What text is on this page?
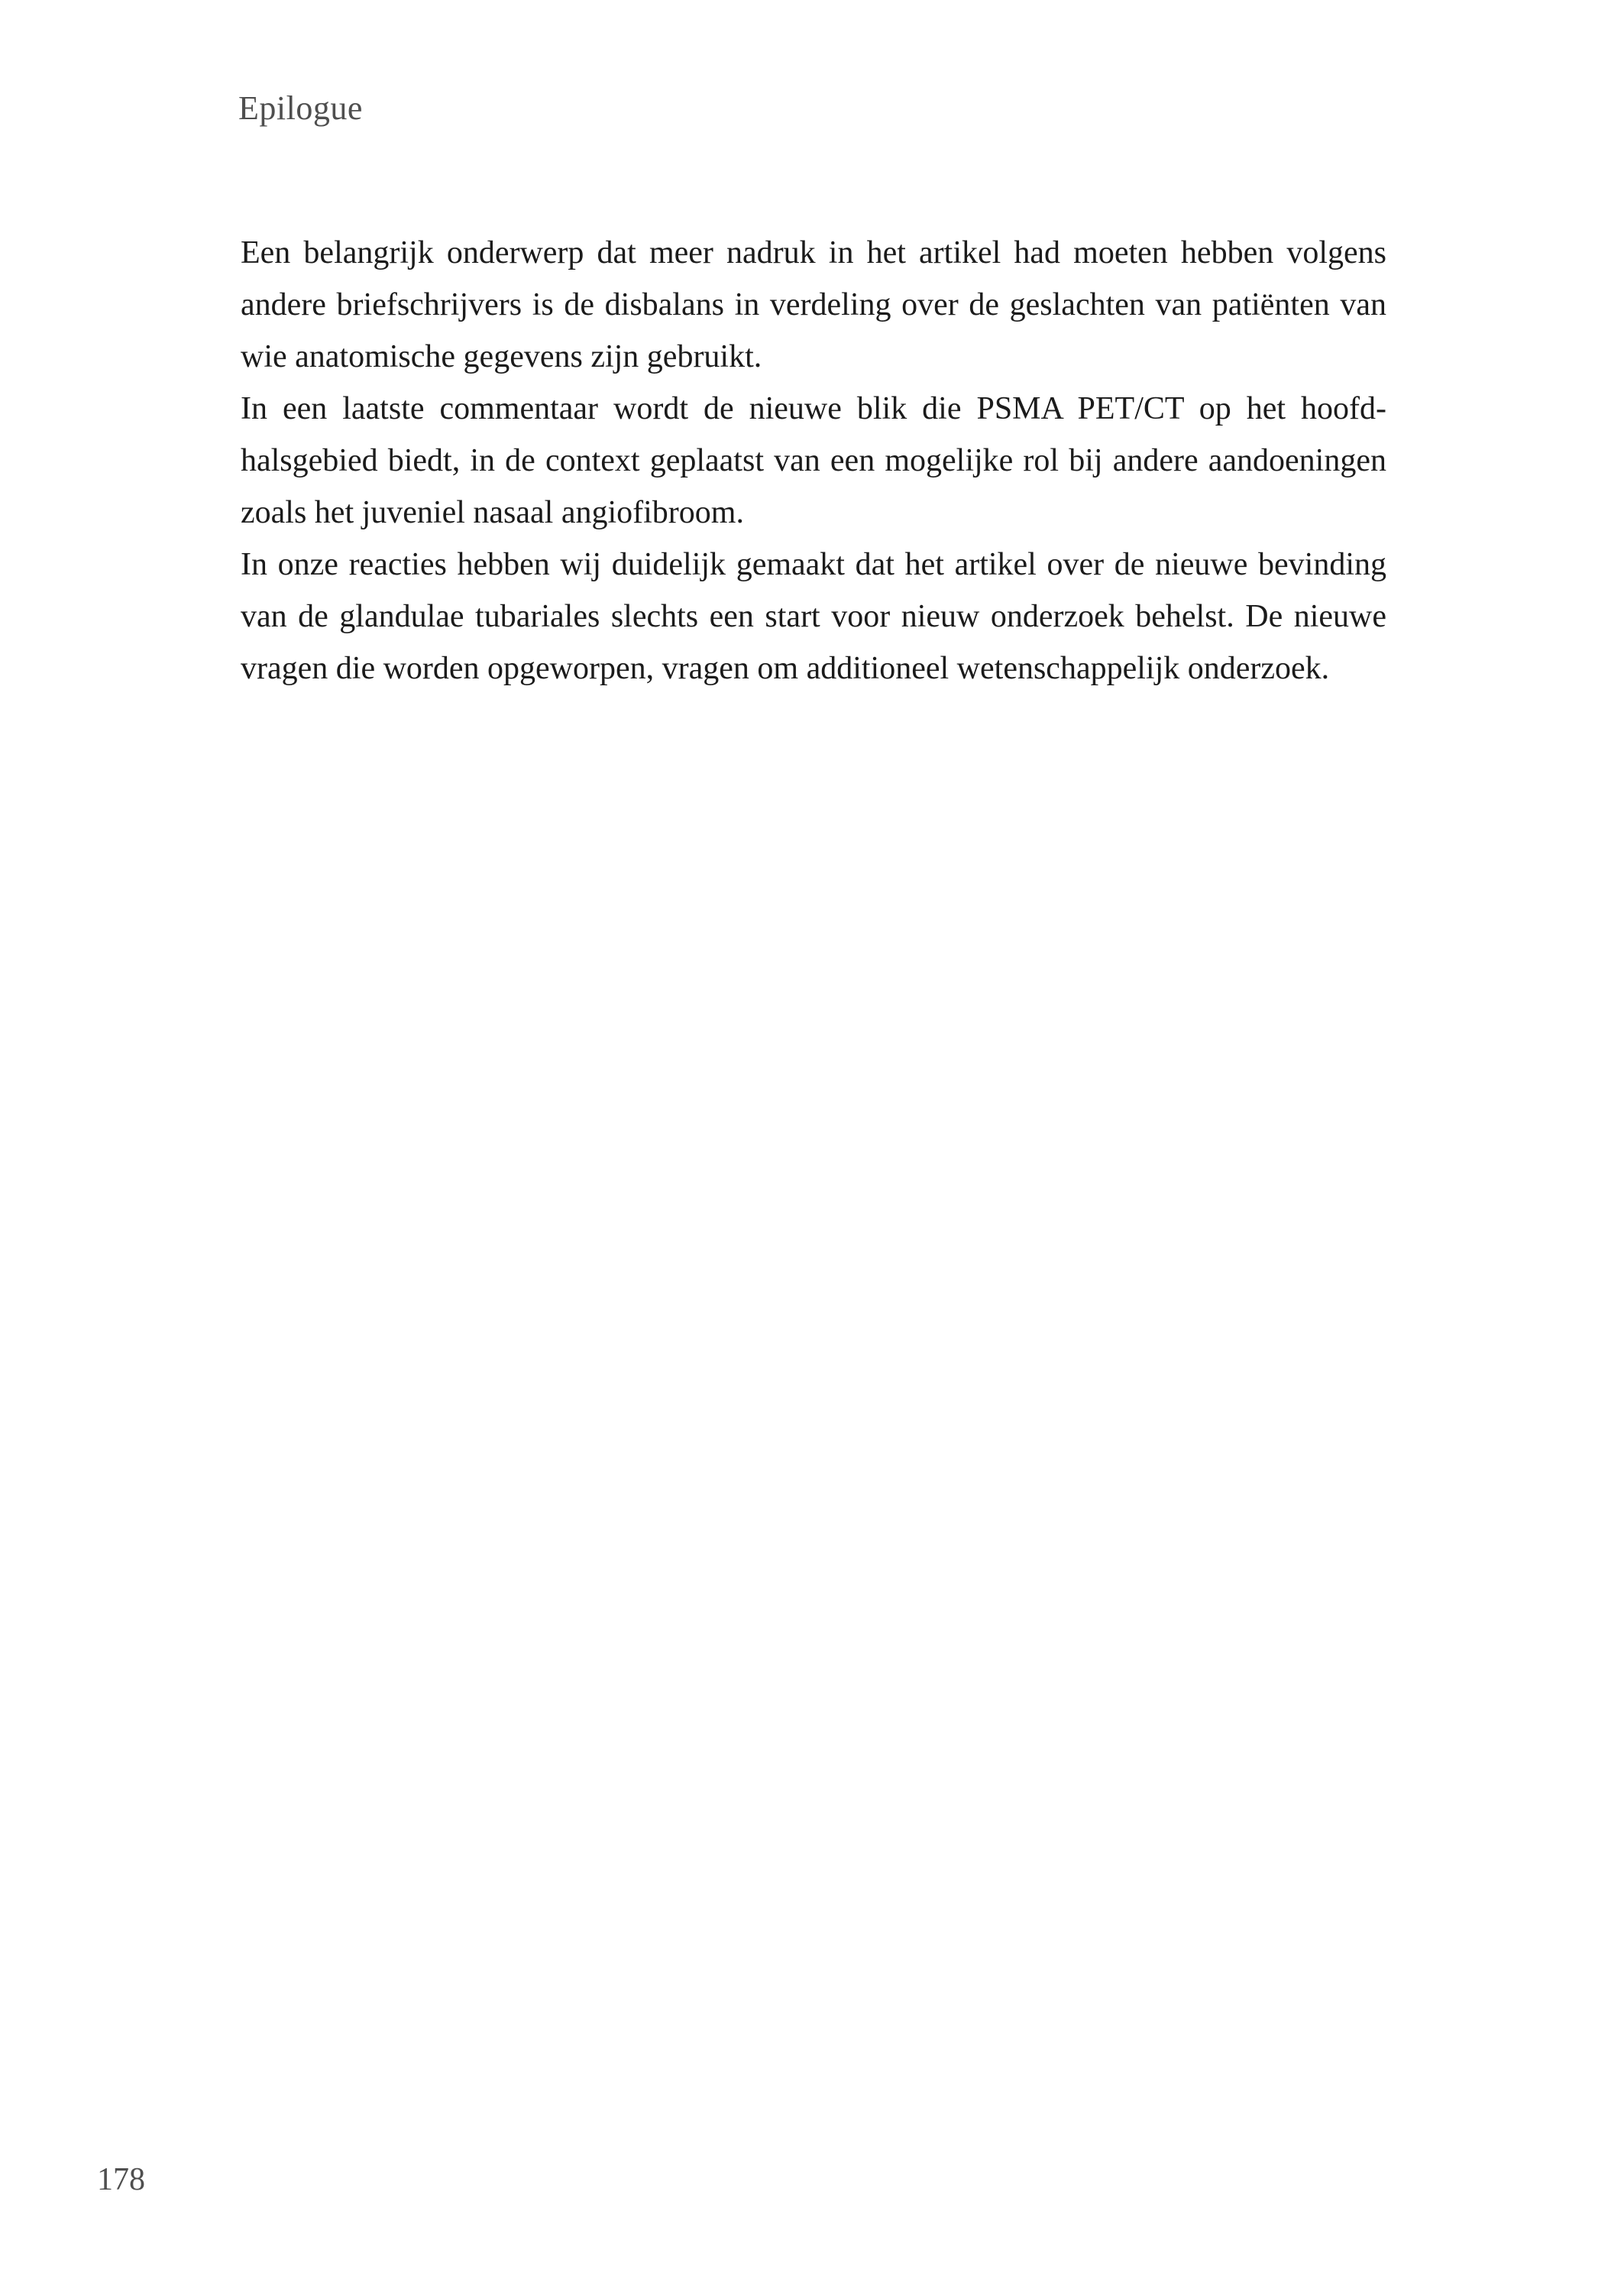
Epilogue

Een belangrijk onderwerp dat meer nadruk in het artikel had moeten hebben volgens andere briefschrijvers is de disbalans in verdeling over de geslachten van patiënten van wie anatomische gegevens zijn gebruikt.

In een laatste commentaar wordt de nieuwe blik die PSMA PET/CT op het hoofd-halsgebied biedt, in de context geplaatst van een mogelijke rol bij andere aandoeningen zoals het juveniel nasaal angiofibroom.

In onze reacties hebben wij duidelijk gemaakt dat het artikel over de nieuwe bevinding van de glandulae tubariales slechts een start voor nieuw onderzoek behelst. De nieuwe vragen die worden opgeworpen, vragen om additioneel wetenschappelijk onderzoek.

178
